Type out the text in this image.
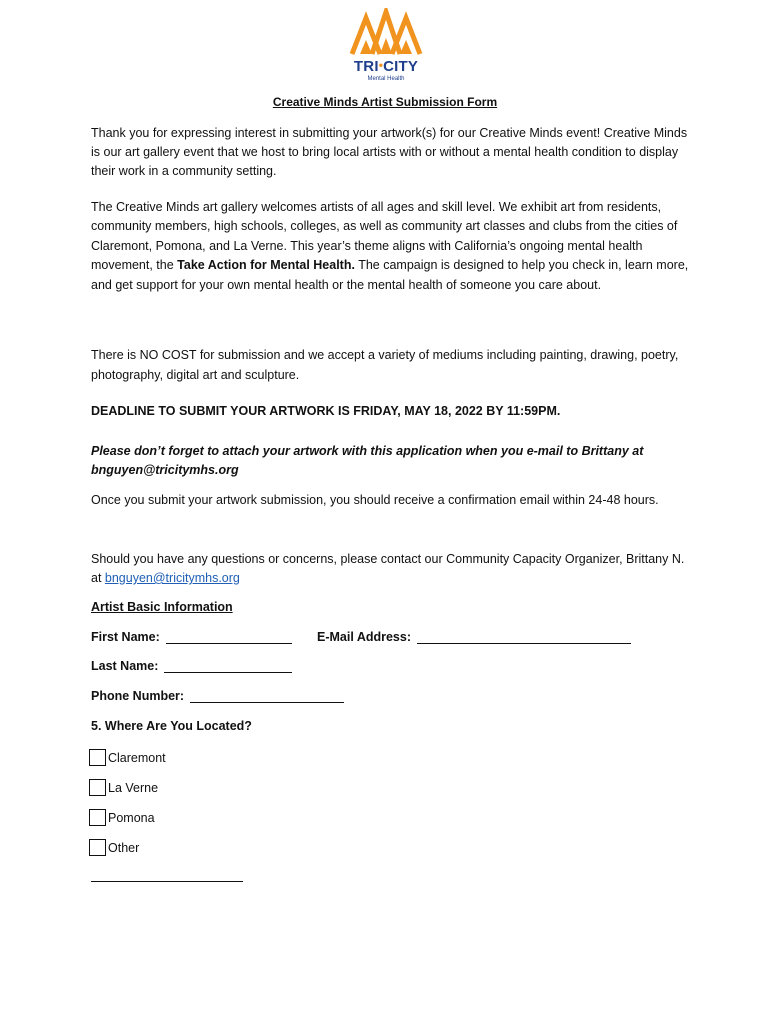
TRI•CITY
Mental Health
Creative Minds Artist Submission Form

Thank you for expressing interest in submitting your artwork(s) for our Creative Minds event! Creative Minds is our art gallery event that we host to bring local artists with or without a mental health condition to display their work in a community setting.

The Creative Minds art gallery welcomes artists of all ages and skill level. We exhibit art from residents, community members, high schools, colleges, as well as community art classes and clubs from the cities of Claremont, Pomona, and La Verne. This year’s theme aligns with California’s ongoing mental health movement, the Take Action for Mental Health. The campaign is designed to help you check in, learn more, and get support for your own mental health or the mental health of someone you care about.

There is NO COST for submission and we accept a variety of mediums including painting, drawing, poetry, photography, digital art and sculpture.

DEADLINE TO SUBMIT YOUR ARTWORK IS FRIDAY, MAY 18, 2022 BY 11:59PM.
Please don’t forget to attach your artwork with this application when you e-mail to Brittany at bnguyen@tricitymhs.org

Once you submit your artwork submission, you should receive a confirmation email within 24-48 hours.

Should you have any questions or concerns, please contact our Community Capacity Organizer, Brittany N. at bnguyen@tricitymhs.org

Artist Basic Information
First Name:	E-Mail Address:
Last Name:
Phone Number:
5. Where Are You Located?
Claremont
La Verne
Pomona
Other
